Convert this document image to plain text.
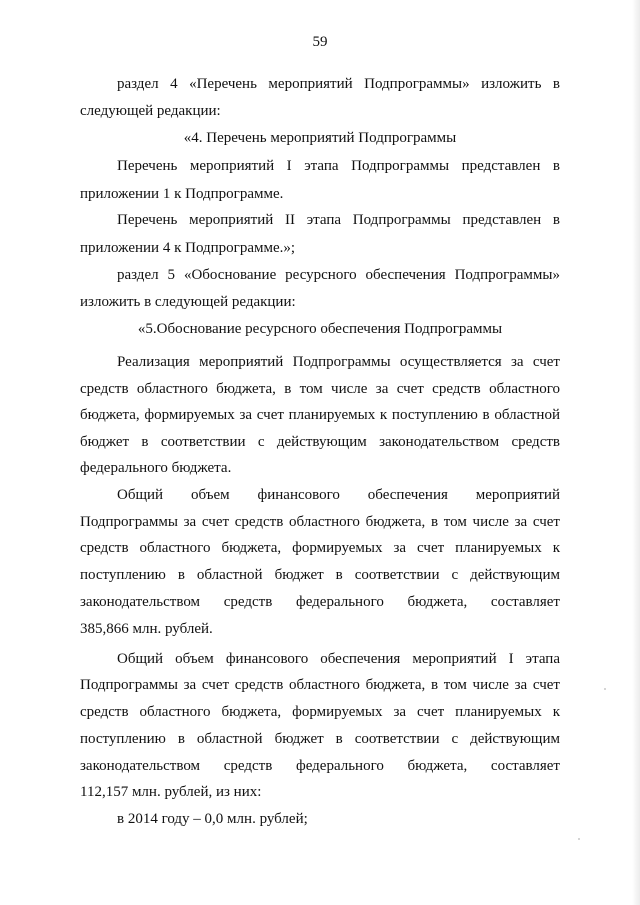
59
раздел 4 «Перечень мероприятий Подпрограммы» изложить в
следующей редакции:
«4. Перечень мероприятий Подпрограммы
Перечень мероприятий I этапа Подпрограммы представлен в
приложении 1 к Подпрограмме.
Перечень мероприятий II этапа Подпрограммы представлен в
приложении 4 к Подпрограмме.»;
раздел 5 «Обоснование ресурсного обеспечения Подпрограммы»
изложить в следующей редакции:
«5.Обоснование ресурсного обеспечения Подпрограммы
Реализация мероприятий Подпрограммы осуществляется за счет
средств областного бюджета, в том числе за счет средств областного
бюджета, формируемых за счет планируемых к поступлению в областной
бюджет в соответствии с действующим законодательством средств
федерального бюджета.
Общий объем финансового обеспечения мероприятий
Подпрограммы за счет средств областного бюджета, в том числе за счет
средств областного бюджета, формируемых за счет планируемых к
поступлению в областной бюджет в соответствии с действующим
законодательством средств федерального бюджета, составляет
385,866 млн. рублей.
Общий объем финансового обеспечения мероприятий I этапа
Подпрограммы за счет средств областного бюджета, в том числе за счет
средств областного бюджета, формируемых за счет планируемых к
поступлению в областной бюджет в соответствии с действующим
законодательством средств федерального бюджета, составляет
112,157 млн. рублей, из них:
в 2014 году – 0,0 млн. рублей;
